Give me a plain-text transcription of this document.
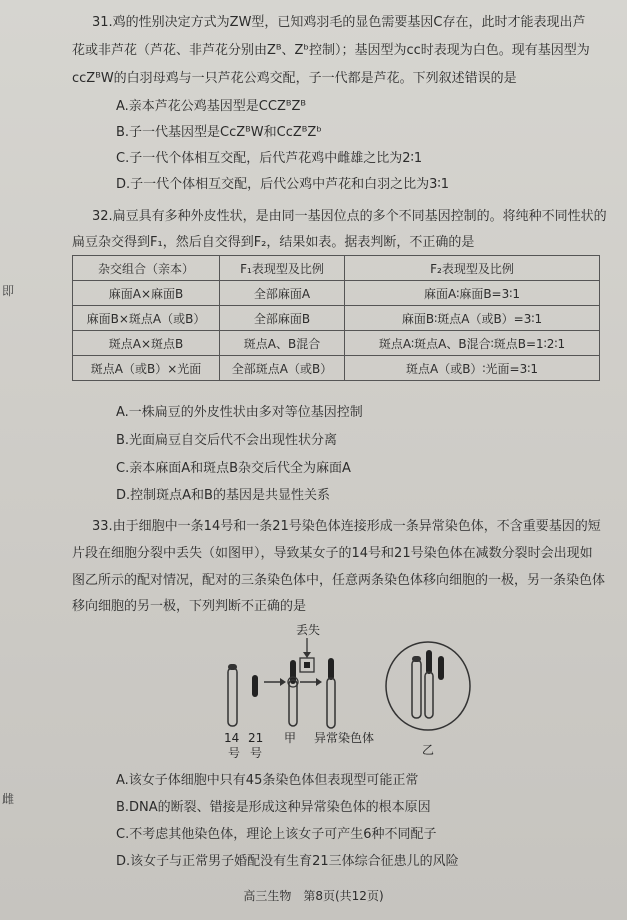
即
雌
31.鸡的性别决定方式为ZW型，已知鸡羽毛的显色需要基因C存在，此时才能表现出芦
花或非芦花（芦花、非芦花分别由Zᴮ、Zᵇ控制）；基因型为cc时表现为白色。现有基因型为
ccZᴮW的白羽母鸡与一只芦花公鸡交配，子一代都是芦花。下列叙述错误的是
A.亲本芦花公鸡基因型是CCZᴮZᴮ
B.子一代基因型是CcZᴮW和CcZᴮZᵇ
C.子一代个体相互交配，后代芦花鸡中雌雄之比为2∶1
D.子一代个体相互交配，后代公鸡中芦花和白羽之比为3∶1
32.扁豆具有多种外皮性状，是由同一基因位点的多个不同基因控制的。将纯种不同性状的
扁豆杂交得到F₁，然后自交得到F₂，结果如表。据表判断，不正确的是
杂交组合（亲本）	F₁表现型及比例	F₂表现型及比例
麻面A×麻面B	全部麻面A	麻面A∶麻面B=3∶1
麻面B×斑点A（或B）	全部麻面B	麻面B∶斑点A（或B）=3∶1
斑点A×斑点B	斑点A、B混合	斑点A∶斑点A、B混合∶斑点B=1∶2∶1
斑点A（或B）×光面	全部斑点A（或B）	斑点A（或B）∶光面=3∶1
A.一株扁豆的外皮性状由多对等位基因控制
B.光面扁豆自交后代不会出现性状分离
C.亲本麻面A和斑点B杂交后代全为麻面A
D.控制斑点A和B的基因是共显性关系
33.由于细胞中一条14号和一条21号染色体连接形成一条异常染色体，不含重要基因的短
片段在细胞分裂中丢失（如图甲），导致某女子的14号和21号染色体在减数分裂时会出现如
图乙所示的配对情况，配对的三条染色体中，任意两条染色体移向细胞的一极，另一条染色体
移向细胞的另一极，下列判断不正确的是
丢失
14 21
号 号
甲 异常染色体
乙
A.该女子体细胞中只有45条染色体但表现型可能正常
B.DNA的断裂、错接是形成这种异常染色体的根本原因
C.不考虑其他染色体，理论上该女子可产生6种不同配子
D.该女子与正常男子婚配没有生育21三体综合征患儿的风险
高三生物　第8页(共12页)
